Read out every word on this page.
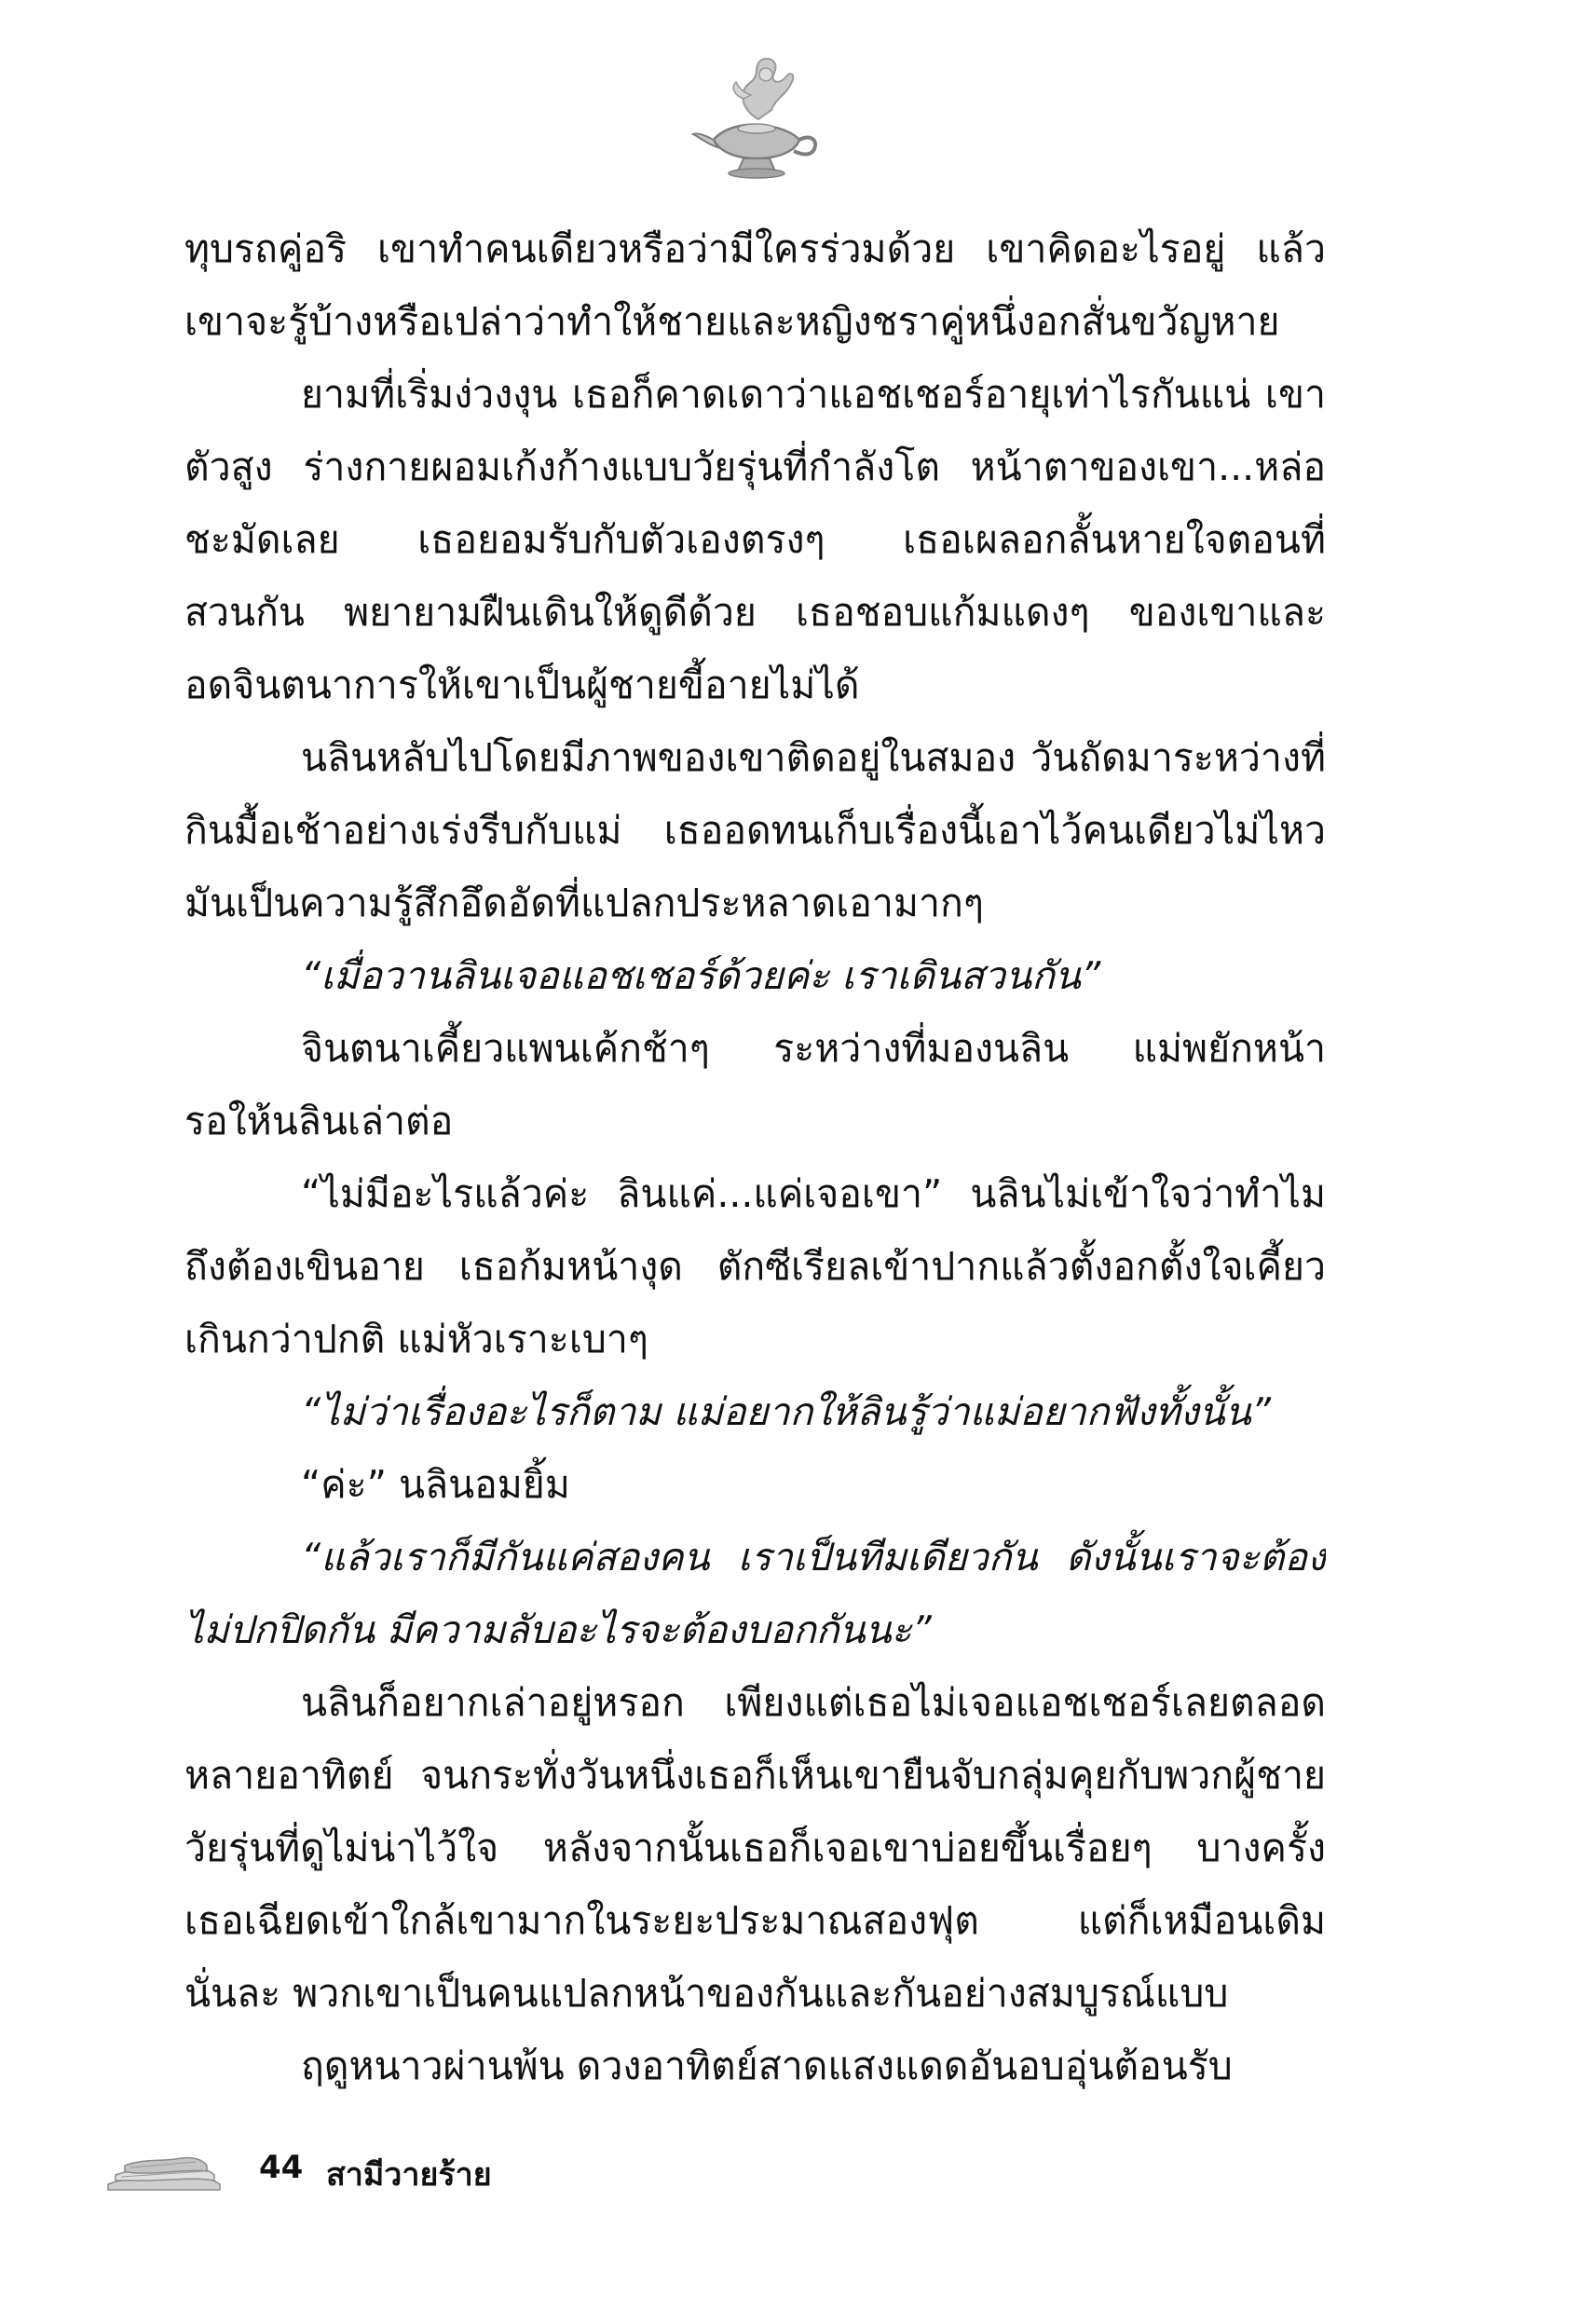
ทุบรถคู่อริ เขาทำคนเดียวหรือว่ามีใครร่วมด้วย เขาคิดอะไรอยู่ แล้ว
เขาจะรู้บ้างหรือเปล่าว่าทำให้ชายและหญิงชราคู่หนึ่งอกสั่นขวัญหาย
ยามที่เริ่มง่วงงุน เธอก็คาดเดาว่าแอชเชอร์อายุเท่าไรกันแน่ เขา
ตัวสูง ร่างกายผอมเก้งก้างแบบวัยรุ่นที่กำลังโต หน้าตาของเขา...หล่อ
ชะมัดเลย เธอยอมรับกับตัวเองตรงๆ เธอเผลอกลั้นหายใจตอนที่
สวนกัน พยายามฝืนเดินให้ดูดีด้วย เธอชอบแก้มแดงๆ ของเขาและ
อดจินตนาการให้เขาเป็นผู้ชายขี้อายไม่ได้
นลินหลับไปโดยมีภาพของเขาติดอยู่ในสมอง วันถัดมาระหว่างที่
กินมื้อเช้าอย่างเร่งรีบกับแม่ เธออดทนเก็บเรื่องนี้เอาไว้คนเดียวไม่ไหว
มันเป็นความรู้สึกอึดอัดที่แปลกประหลาดเอามากๆ
“เมื่อวานลินเจอแอชเชอร์ด้วยค่ะ เราเดินสวนกัน”
จินตนาเคี้ยวแพนเค้กช้าๆ ระหว่างที่มองนลิน แม่พยักหน้า
รอให้นลินเล่าต่อ
“ไม่มีอะไรแล้วค่ะ ลินแค่...แค่เจอเขา” นลินไม่เข้าใจว่าทำไม
ถึงต้องเขินอาย เธอก้มหน้างุด ตักซีเรียลเข้าปากแล้วตั้งอกตั้งใจเคี้ยว
เกินกว่าปกติ แม่หัวเราะเบาๆ
“ไม่ว่าเรื่องอะไรก็ตาม แม่อยากให้ลินรู้ว่าแม่อยากฟังทั้งนั้น”
“ค่ะ” นลินอมยิ้ม
“แล้วเราก็มีกันแค่สองคน เราเป็นทีมเดียวกัน ดังนั้นเราจะต้อง
ไม่ปกปิดกัน มีความลับอะไรจะต้องบอกกันนะ”
นลินก็อยากเล่าอยู่หรอก เพียงแต่เธอไม่เจอแอชเชอร์เลยตลอด
หลายอาทิตย์ จนกระทั่งวันหนึ่งเธอก็เห็นเขายืนจับกลุ่มคุยกับพวกผู้ชาย
วัยรุ่นที่ดูไม่น่าไว้ใจ หลังจากนั้นเธอก็เจอเขาบ่อยขึ้นเรื่อยๆ บางครั้ง
เธอเฉียดเข้าใกล้เขามากในระยะประมาณสองฟุต แต่ก็เหมือนเดิม
นั่นละ พวกเขาเป็นคนแปลกหน้าของกันและกันอย่างสมบูรณ์แบบ
ฤดูหนาวผ่านพ้น ดวงอาทิตย์สาดแสงแดดอันอบอุ่นต้อนรับ
44 สามีวายร้าย
